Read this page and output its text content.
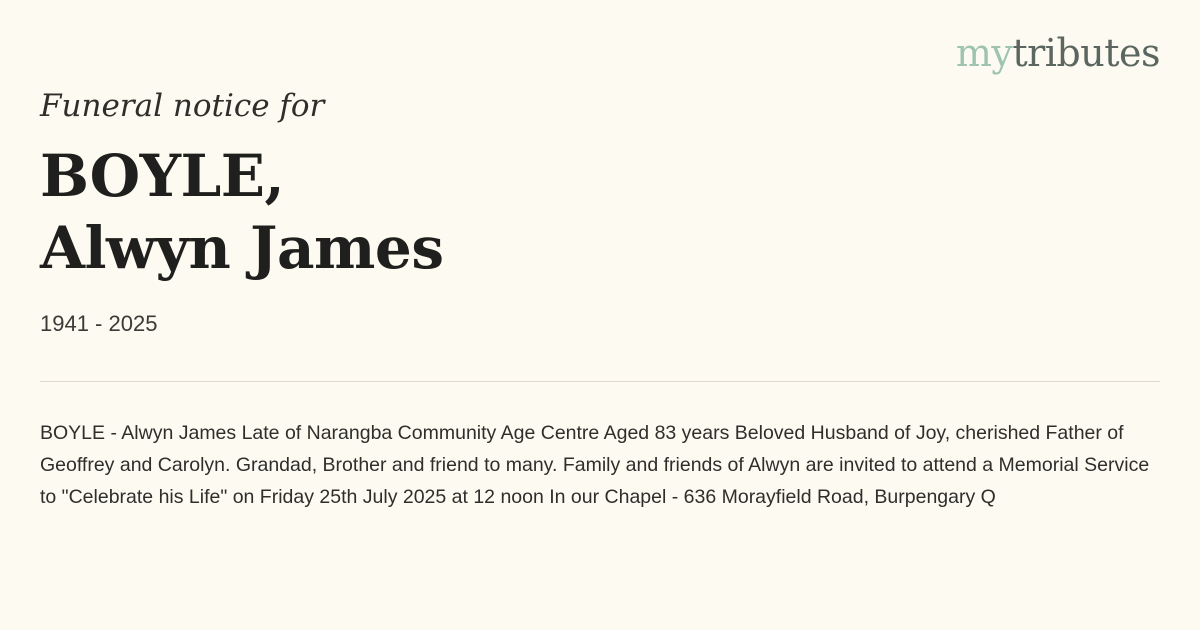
mytributes

Funeral notice for

BOYLE,
Alwyn James

1941 - 2025

BOYLE - Alwyn James Late of Narangba Community Age Centre Aged 83 years Beloved Husband of Joy, cherished Father of Geoffrey and Carolyn. Grandad, Brother and friend to many. Family and friends of Alwyn are invited to attend a Memorial Service to "Celebrate his Life" on Friday 25th July 2025 at 12 noon In our Chapel - 636 Morayfield Road, Burpengary Q
